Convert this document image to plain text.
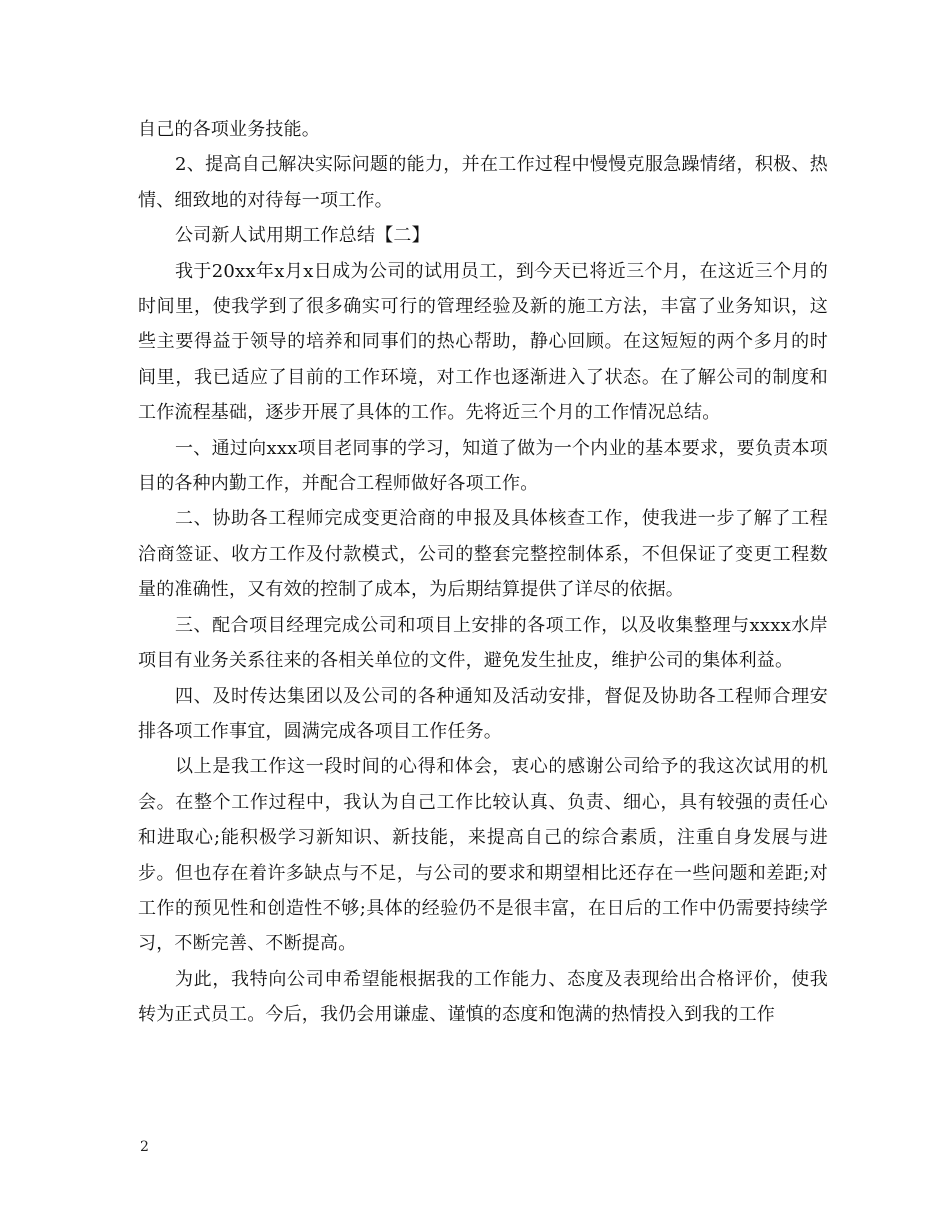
自己的各项业务技能。

2、提高自己解决实际问题的能力，并在工作过程中慢慢克服急躁情绪，积极、热情、细致地的对待每一项工作。

公司新人试用期工作总结【二】

我于20xx年x月x日成为公司的试用员工，到今天已将近三个月，在这近三个月的时间里，使我学到了很多确实可行的管理经验及新的施工方法，丰富了业务知识，这些主要得益于领导的培养和同事们的热心帮助，静心回顾。在这短短的两个多月的时间里，我已适应了目前的工作环境，对工作也逐渐进入了状态。在了解公司的制度和工作流程基础，逐步开展了具体的工作。先将近三个月的工作情况总结。

一、通过向xxx项目老同事的学习，知道了做为一个内业的基本要求，要负责本项目的各种内勤工作，并配合工程师做好各项工作。

二、协助各工程师完成变更洽商的申报及具体核查工作，使我进一步了解了工程洽商签证、收方工作及付款模式，公司的整套完整控制体系，不但保证了变更工程数量的准确性，又有效的控制了成本，为后期结算提供了详尽的依据。

三、配合项目经理完成公司和项目上安排的各项工作，以及收集整理与xxxx水岸项目有业务关系往来的各相关单位的文件，避免发生扯皮，维护公司的集体利益。

四、及时传达集团以及公司的各种通知及活动安排，督促及协助各工程师合理安排各项工作事宜，圆满完成各项目工作任务。

以上是我工作这一段时间的心得和体会，衷心的感谢公司给予的我这次试用的机会。在整个工作过程中，我认为自己工作比较认真、负责、细心，具有较强的责任心和进取心;能积极学习新知识、新技能，来提高自己的综合素质，注重自身发展与进步。但也存在着许多缺点与不足，与公司的要求和期望相比还存在一些问题和差距;对工作的预见性和创造性不够;具体的经验仍不是很丰富，在日后的工作中仍需要持续学习，不断完善、不断提高。

为此，我特向公司申希望能根据我的工作能力、态度及表现给出合格评价，使我转为正式员工。今后，我仍会用谦虚、谨慎的态度和饱满的热情投入到我的工作

2
